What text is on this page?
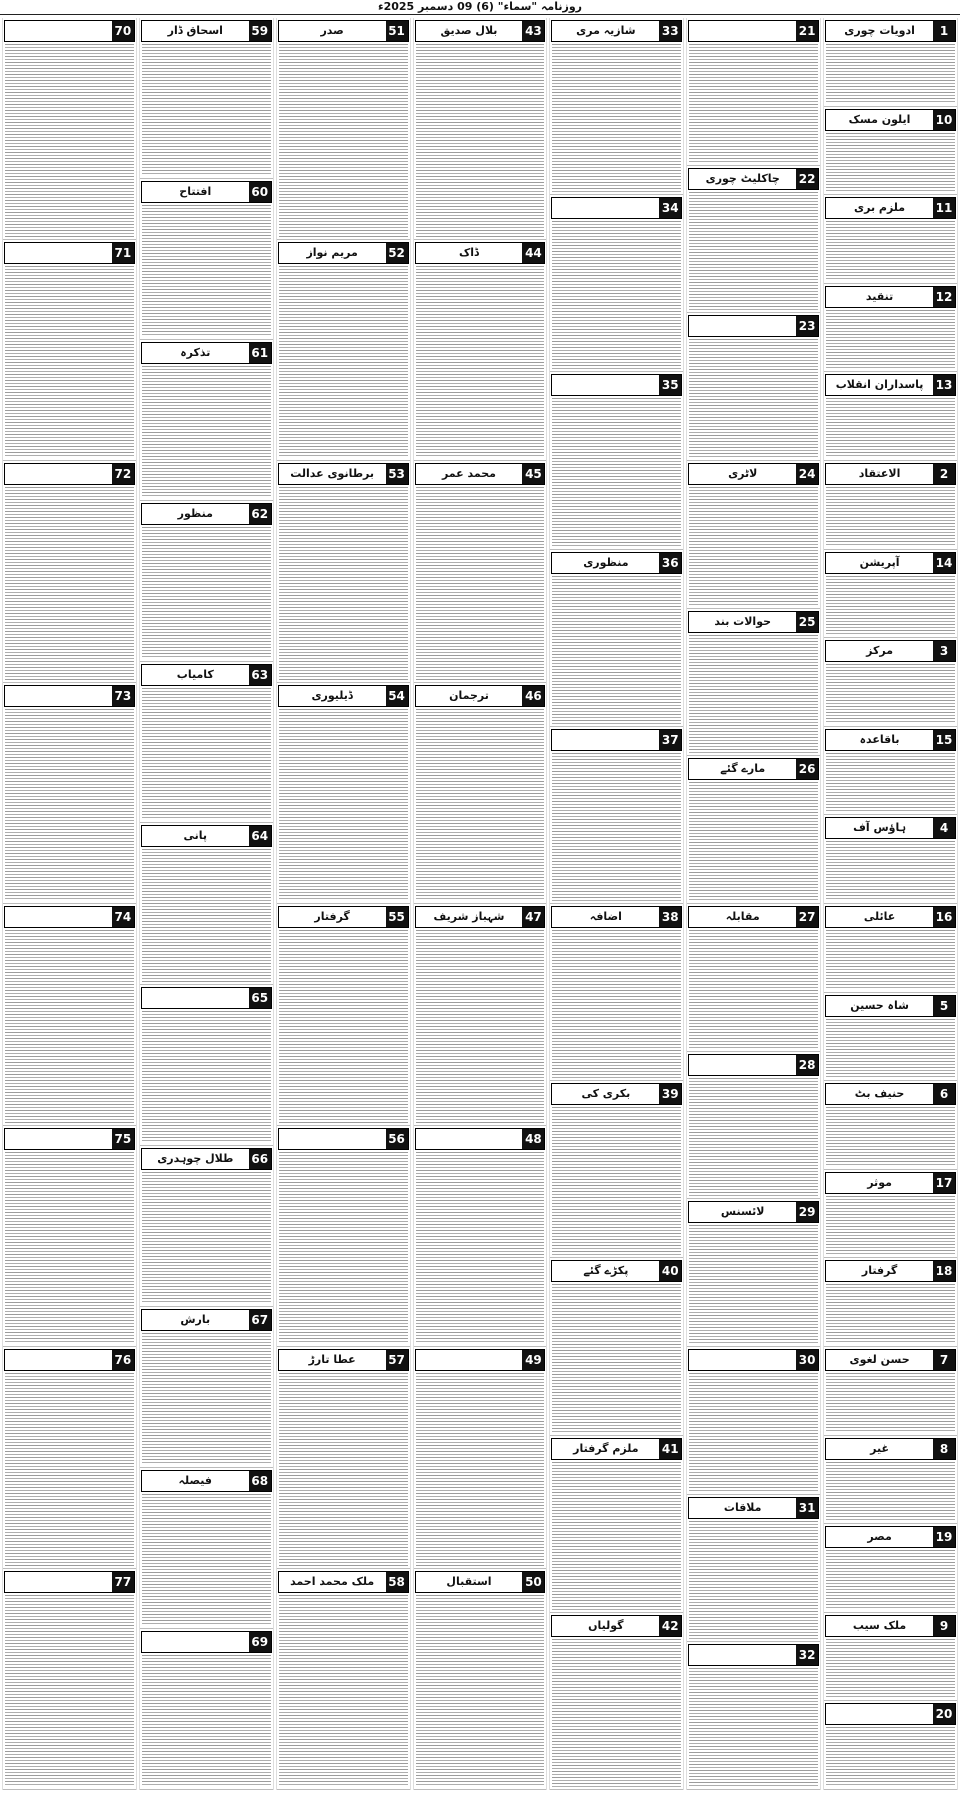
روزنامہ "سماء" (6) 09 دسمبر 2025ء
1
ادویات چوری
10
ایلون مسک
11
ملزم بری
12
تنقید
13
پاسداران انقلاب
2
الاعتقاد
14
آپریشن
3
مرکز
15
باقاعدہ
4
ہاؤس آف
16
عائلی
5
شاہ حسین
6
حنیف بٹ
17
موثر
18
گرفتار
7
حسن لغوی
8
غیر
19
مصر
9
ملک سیب
20
21
22
چاکلیٹ چوری
23
24
لاٹری
25
حوالات بند
26
مارے گئے
27
مقابلہ
28
29
لائسنس
30
31
ملاقات
32
33
شازیہ مری
34
35
36
منظوری
37
38
اضافہ
39
بکری کی
40
پکڑے گئے
41
ملزم گرفتار
42
گولیاں
43
بلال صدیق
44
ڈاک
45
محمد عمر
46
ترجمان
47
شہباز شریف
48
49
50
استقبال
51
صدر
52
مریم نواز
53
برطانوی عدالت
54
ڈیلیوری
55
گرفتار
56
57
عطا تارڑ
58
ملک محمد احمد
59
اسحاق ڈار
60
افتتاح
61
تذکرہ
62
منظور
63
کامیاب
64
پانی
65
66
طلال چوہدری
67
بارش
68
فیصلہ
69
70
71
72
73
74
75
76
77
